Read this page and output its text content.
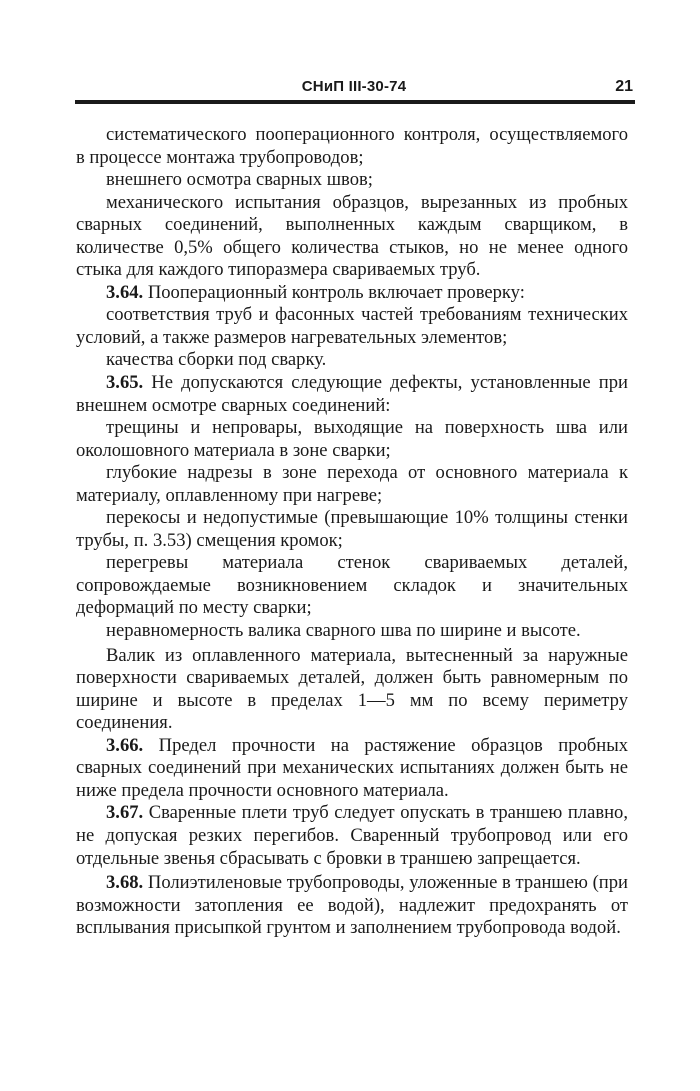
СНиП III-30-74	21

систематического пооперационного контроля, осуществляемого в процессе монтажа трубопроводов;

внешнего осмотра сварных швов;

механического испытания образцов, вырезанных из пробных сварных соединений, выполненных каждым сварщиком, в количестве 0,5% общего количества стыков, но не менее одного стыка для каждого типоразмера свариваемых труб.

3.64. Пооперационный контроль включает проверку:

соответствия труб и фасонных частей требованиям технических условий, а также размеров нагревательных элементов;

качества сборки под сварку.

3.65. Не допускаются следующие дефекты, установленные при внешнем осмотре сварных соединений:

трещины и непровары, выходящие на поверхность шва или околошовного материала в зоне сварки;

глубокие надрезы в зоне перехода от основного материала к материалу, оплавленному при нагреве;

перекосы и недопустимые (превышающие 10% толщины стенки трубы, п. 3.53) смещения кромок;

перегревы материала стенок свариваемых деталей, сопровождаемые возникновением складок и значительных деформаций по месту сварки;

неравномерность валика сварного шва по ширине и высоте.

Валик из оплавленного материала, вытесненный за наружные поверхности свариваемых деталей, должен быть равномерным по ширине и высоте в пределах 1—5 мм по всему периметру соединения.

3.66. Предел прочности на растяжение образцов пробных сварных соединений при механических испытаниях должен быть не ниже предела прочности основного материала.

3.67. Сваренные плети труб следует опускать в траншею плавно, не допуская резких перегибов. Сваренный трубопровод или его отдельные звенья сбрасывать с бровки в траншею запрещается.

3.68. Полиэтиленовые трубопроводы, уложенные в траншею (при возможности затопления ее водой), надлежит предохранять от всплывания присыпкой грунтом и заполнением трубопровода водой.
